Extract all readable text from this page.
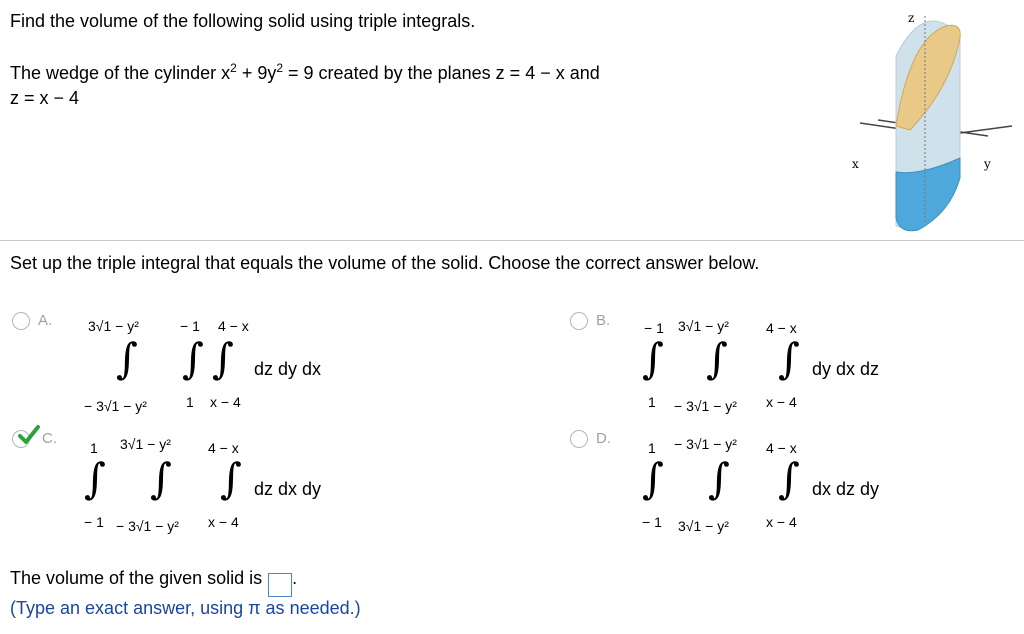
Find the volume of the following solid using triple integrals.
The wedge of the cylinder $x^2 + 9y^2 = 9$ created by the planes z = 4 − x and
z = x − 4
z
x	y
Set up the triple integral that equals the volume of the solid. Choose the correct answer below.
A.	3√1 − y²	− 1 4 − x
∫ ∫ ∫ dz dy dx
− 3√1 − y²	1 x − 4
B. − 1 3√1 − y²	4 − x
∫ ∫ ∫ dy dx dz
1 − 3√1 − y² x − 4
C.
1 3√1 − y²	4 − x
∫ ∫ ∫ dz dx dy
− 1 − 3√1 − y² x − 4
D.
1 − 3√1 − y² 4 − x
∫ ∫ ∫ dx dz dy
− 1 3√1 − y²	x − 4
The volume of the given solid is .
(Type an exact answer, using π as needed.)
